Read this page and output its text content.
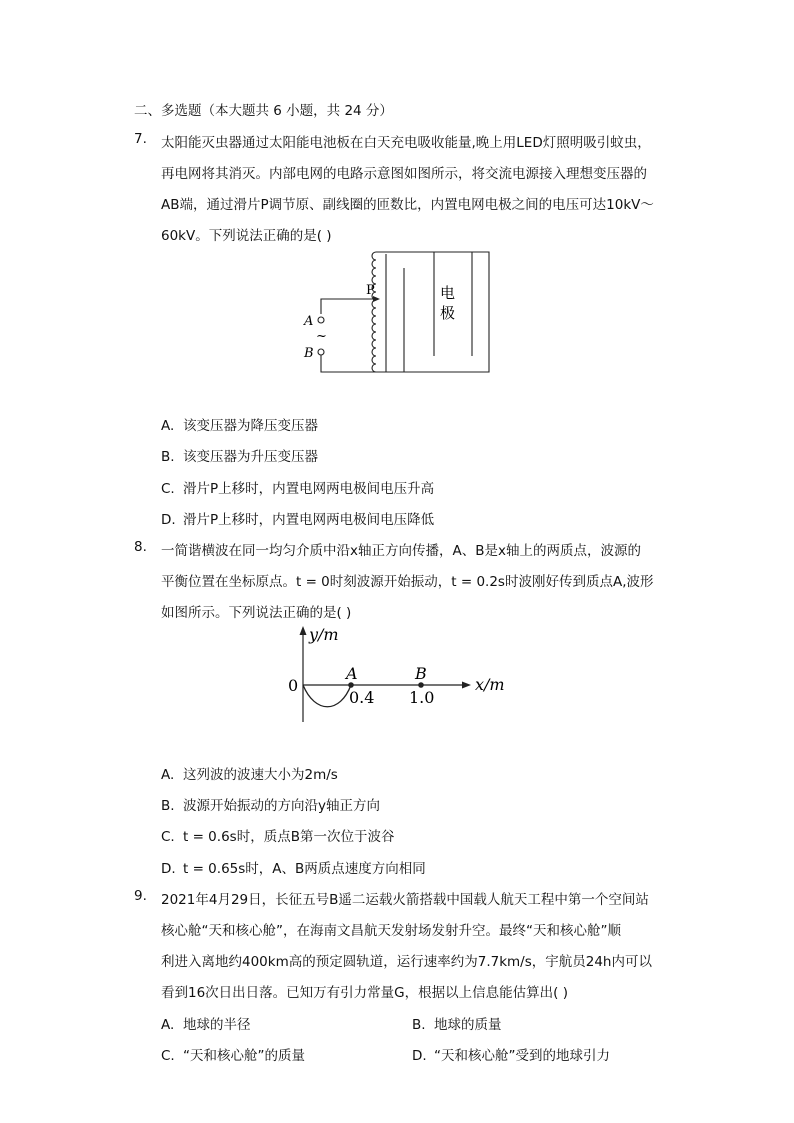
二、多选题（本大题共 6 小题，共 24 分）
7. 太阳能灭虫器通过太阳能电池板在白天充电吸收能量,晚上用LED灯照明吸引蚊虫，
再电网将其消灭。内部电网的电路示意图如图所示，将交流电源接入理想变压器的
AB端，通过滑片P调节原、副线圈的匝数比，内置电网电极之间的电压可达10kV～
60kV。下列说法正确的是( )
P
A
~
B
电
极
A. 该变压器为降压变压器
B. 该变压器为升压变压器
C. 滑片P上移时，内置电网两电极间电压升高
D. 滑片P上移时，内置电网两电极间电压降低
8. 一简谐横波在同一均匀介质中沿x轴正方向传播，A、B是x轴上的两质点，波源的
平衡位置在坐标原点。t = 0时刻波源开始振动，t = 0.2s时波刚好传到质点A,波形
如图所示。下列说法正确的是( )
y/m
x/m
0
A	B
0.4 1.0
A. 这列波的波速大小为2m/s
B. 波源开始振动的方向沿y轴正方向
C. t = 0.6s时，质点B第一次位于波谷
D. t = 0.65s时，A、B两质点速度方向相同
9. 2021年4月29日，长征五号B遥二运载火箭搭载中国载人航天工程中第一个空间站
核心舱“天和核心舱”，在海南文昌航天发射场发射升空。最终“天和核心舱”顺
利进入离地约400km高的预定圆轨道，运行速率约为7.7km/s，宇航员24h内可以
看到16次日出日落。已知万有引力常量G，根据以上信息能估算出( )
A. 地球的半径	B. 地球的质量
C. “天和核心舱”的质量	D. “天和核心舱”受到的地球引力
